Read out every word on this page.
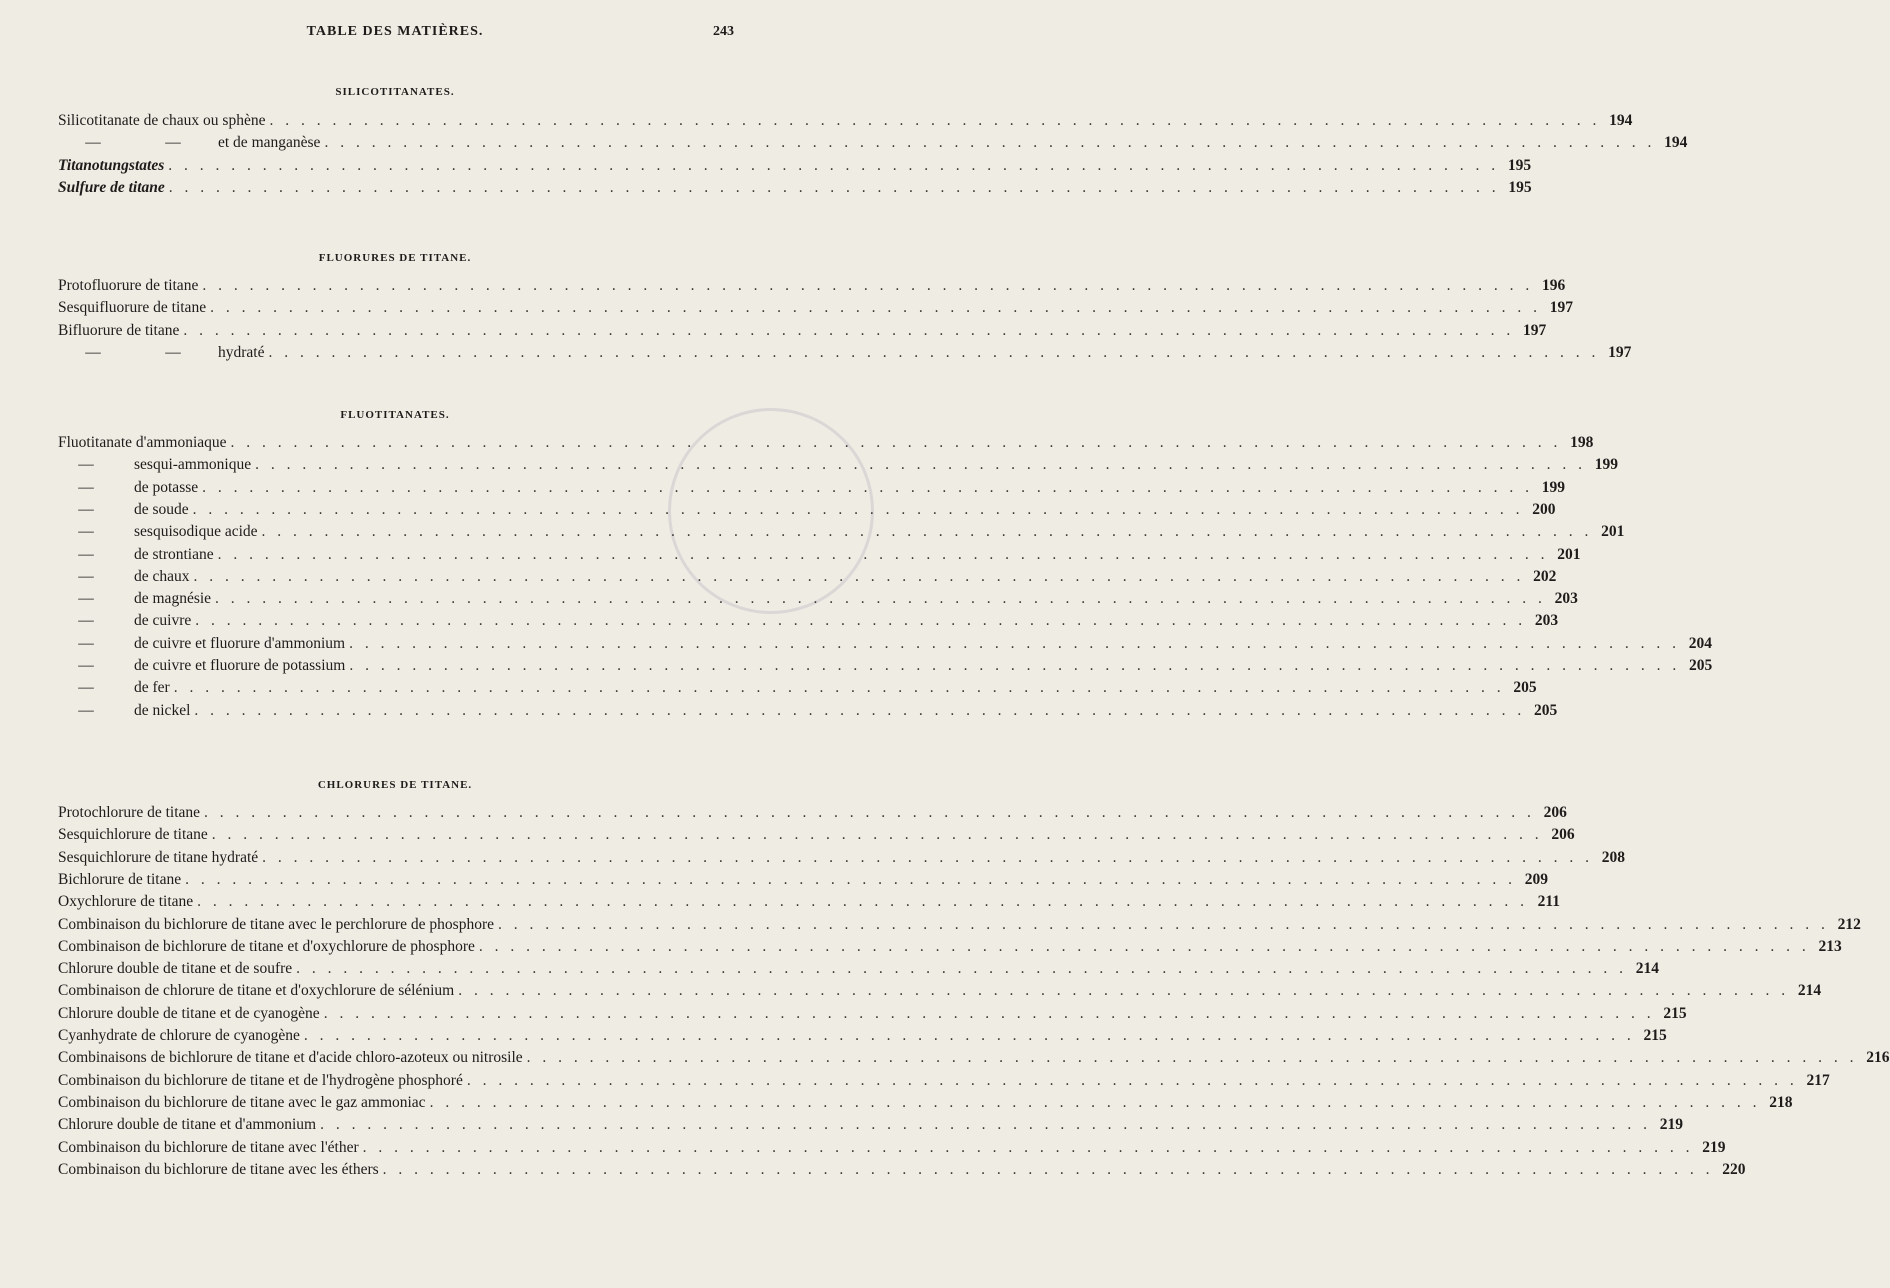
TABLE DES MATIÈRES.	243
SILICOTITANATES.
Silicotitanate de chaux ou sphène . . . . . . . . . . . . . . . . . . . . . . . . . . . . . . . . . . . . . . . . . . . . . . . . . . . . . . . . . . . . . . . . . . . . . . . . . . . . . . . . . . . . . 194
—	—	et de manganèse . . . . . . . . . . . . . . . . . . . . . . . . . . . . . . . . . . . . . . . . . . . . . . . . . . . . . . . . . . . . . . . . . . . . . . . . . . . . . . . . . . . . . 194
Titanotungstates . . . . . . . . . . . . . . . . . . . . . . . . . . . . . . . . . . . . . . . . . . . . . . . . . . . . . . . . . . . . . . . . . . . . . . . . . . . . . . . . . . . . . 195
Sulfure de titane . . . . . . . . . . . . . . . . . . . . . . . . . . . . . . . . . . . . . . . . . . . . . . . . . . . . . . . . . . . . . . . . . . . . . . . . . . . . . . . . . . . . . 195
FLUORURES DE TITANE.
Protofluorure de titane . . . . . . . . . . . . . . . . . . . . . . . . . . . . . . . . . . . . . . . . . . . . . . . . . . . . . . . . . . . . . . . . . . . . . . . . . . . . . . . . . . . . . 196
Sesquifluorure de titane . . . . . . . . . . . . . . . . . . . . . . . . . . . . . . . . . . . . . . . . . . . . . . . . . . . . . . . . . . . . . . . . . . . . . . . . . . . . . . . . . . . . . 197
Bifluorure de titane . . . . . . . . . . . . . . . . . . . . . . . . . . . . . . . . . . . . . . . . . . . . . . . . . . . . . . . . . . . . . . . . . . . . . . . . . . . . . . . . . . . . . 197
—	—	hydraté . . . . . . . . . . . . . . . . . . . . . . . . . . . . . . . . . . . . . . . . . . . . . . . . . . . . . . . . . . . . . . . . . . . . . . . . . . . . . . . . . . . . . 197
FLUOTITANATES.
Fluotitanate d'ammoniaque . . . . . . . . . . . . . . . . . . . . . . . . . . . . . . . . . . . . . . . . . . . . . . . . . . . . . . . . . . . . . . . . . . . . . . . . . . . . . . . . . . . . . 198
—	sesqui-ammonique . . . . . . . . . . . . . . . . . . . . . . . . . . . . . . . . . . . . . . . . . . . . . . . . . . . . . . . . . . . . . . . . . . . . . . . . . . . . . . . . . . . . . 199
—	de potasse . . . . . . . . . . . . . . . . . . . . . . . . . . . . . . . . . . . . . . . . . . . . . . . . . . . . . . . . . . . . . . . . . . . . . . . . . . . . . . . . . . . . . 199
—	de soude . . . . . . . . . . . . . . . . . . . . . . . . . . . . . . . . . . . . . . . . . . . . . . . . . . . . . . . . . . . . . . . . . . . . . . . . . . . . . . . . . . . . . 200
—	sesquisodique acide . . . . . . . . . . . . . . . . . . . . . . . . . . . . . . . . . . . . . . . . . . . . . . . . . . . . . . . . . . . . . . . . . . . . . . . . . . . . . . . . . . . . . 201
—	de strontiane . . . . . . . . . . . . . . . . . . . . . . . . . . . . . . . . . . . . . . . . . . . . . . . . . . . . . . . . . . . . . . . . . . . . . . . . . . . . . . . . . . . . . 201
—	de chaux . . . . . . . . . . . . . . . . . . . . . . . . . . . . . . . . . . . . . . . . . . . . . . . . . . . . . . . . . . . . . . . . . . . . . . . . . . . . . . . . . . . . . 202
—	de magnésie . . . . . . . . . . . . . . . . . . . . . . . . . . . . . . . . . . . . . . . . . . . . . . . . . . . . . . . . . . . . . . . . . . . . . . . . . . . . . . . . . . . . . 203
—	de cuivre . . . . . . . . . . . . . . . . . . . . . . . . . . . . . . . . . . . . . . . . . . . . . . . . . . . . . . . . . . . . . . . . . . . . . . . . . . . . . . . . . . . . . 203
—	de cuivre et fluorure d'ammonium . . . . . . . . . . . . . . . . . . . . . . . . . . . . . . . . . . . . . . . . . . . . . . . . . . . . . . . . . . . . . . . . . . . . . . . . . . . . . . . . . . . . . 204
—	de cuivre et fluorure de potassium . . . . . . . . . . . . . . . . . . . . . . . . . . . . . . . . . . . . . . . . . . . . . . . . . . . . . . . . . . . . . . . . . . . . . . . . . . . . . . . . . . . . . 205
—	de fer . . . . . . . . . . . . . . . . . . . . . . . . . . . . . . . . . . . . . . . . . . . . . . . . . . . . . . . . . . . . . . . . . . . . . . . . . . . . . . . . . . . . . 205
—	de nickel . . . . . . . . . . . . . . . . . . . . . . . . . . . . . . . . . . . . . . . . . . . . . . . . . . . . . . . . . . . . . . . . . . . . . . . . . . . . . . . . . . . . . 205
CHLORURES DE TITANE.
Protochlorure de titane . . . . . . . . . . . . . . . . . . . . . . . . . . . . . . . . . . . . . . . . . . . . . . . . . . . . . . . . . . . . . . . . . . . . . . . . . . . . . . . . . . . . . 206
Sesquichlorure de titane . . . . . . . . . . . . . . . . . . . . . . . . . . . . . . . . . . . . . . . . . . . . . . . . . . . . . . . . . . . . . . . . . . . . . . . . . . . . . . . . . . . . . 206
Sesquichlorure de titane hydraté . . . . . . . . . . . . . . . . . . . . . . . . . . . . . . . . . . . . . . . . . . . . . . . . . . . . . . . . . . . . . . . . . . . . . . . . . . . . . . . . . . . . . 208
Bichlorure de titane . . . . . . . . . . . . . . . . . . . . . . . . . . . . . . . . . . . . . . . . . . . . . . . . . . . . . . . . . . . . . . . . . . . . . . . . . . . . . . . . . . . . . 209
Oxychlorure de titane . . . . . . . . . . . . . . . . . . . . . . . . . . . . . . . . . . . . . . . . . . . . . . . . . . . . . . . . . . . . . . . . . . . . . . . . . . . . . . . . . . . . . 211
Combinaison du bichlorure de titane avec le perchlorure de phosphore . . . . . . . . . . . . . . . . . . . . . . . . . . . . . . . . . . . . . . . . . . . . . . . . . . . . . . . . . . . . . . . . . . . . . . . . . . . . . . . . . . . . . 212
Combinaison de bichlorure de titane et d'oxychlorure de phosphore . . . . . . . . . . . . . . . . . . . . . . . . . . . . . . . . . . . . . . . . . . . . . . . . . . . . . . . . . . . . . . . . . . . . . . . . . . . . . . . . . . . . . 213
Chlorure double de titane et de soufre . . . . . . . . . . . . . . . . . . . . . . . . . . . . . . . . . . . . . . . . . . . . . . . . . . . . . . . . . . . . . . . . . . . . . . . . . . . . . . . . . . . . . 214
Combinaison de chlorure de titane et d'oxychlorure de sélénium . . . . . . . . . . . . . . . . . . . . . . . . . . . . . . . . . . . . . . . . . . . . . . . . . . . . . . . . . . . . . . . . . . . . . . . . . . . . . . . . . . . . . 214
Chlorure double de titane et de cyanogène . . . . . . . . . . . . . . . . . . . . . . . . . . . . . . . . . . . . . . . . . . . . . . . . . . . . . . . . . . . . . . . . . . . . . . . . . . . . . . . . . . . . . 215
Cyanhydrate de chlorure de cyanogène . . . . . . . . . . . . . . . . . . . . . . . . . . . . . . . . . . . . . . . . . . . . . . . . . . . . . . . . . . . . . . . . . . . . . . . . . . . . . . . . . . . . . 215
Combinaisons de bichlorure de titane et d'acide chloro-azoteux ou nitrosile . . . . . . . . . . . . . . . . . . . . . . . . . . . . . . . . . . . . . . . . . . . . . . . . . . . . . . . . . . . . . . . . . . . . . . . . . . . . . . . . . . . . . 216
Combinaison du bichlorure de titane et de l'hydrogène phosphoré . . . . . . . . . . . . . . . . . . . . . . . . . . . . . . . . . . . . . . . . . . . . . . . . . . . . . . . . . . . . . . . . . . . . . . . . . . . . . . . . . . . . . 217
Combinaison du bichlorure de titane avec le gaz ammoniac . . . . . . . . . . . . . . . . . . . . . . . . . . . . . . . . . . . . . . . . . . . . . . . . . . . . . . . . . . . . . . . . . . . . . . . . . . . . . . . . . . . . . 218
Chlorure double de titane et d'ammonium . . . . . . . . . . . . . . . . . . . . . . . . . . . . . . . . . . . . . . . . . . . . . . . . . . . . . . . . . . . . . . . . . . . . . . . . . . . . . . . . . . . . . 219
Combinaison du bichlorure de titane avec l'éther . . . . . . . . . . . . . . . . . . . . . . . . . . . . . . . . . . . . . . . . . . . . . . . . . . . . . . . . . . . . . . . . . . . . . . . . . . . . . . . . . . . . . 219
Combinaison du bichlorure de titane avec les éthers . . . . . . . . . . . . . . . . . . . . . . . . . . . . . . . . . . . . . . . . . . . . . . . . . . . . . . . . . . . . . . . . . . . . . . . . . . . . . . . . . . . . . 220
